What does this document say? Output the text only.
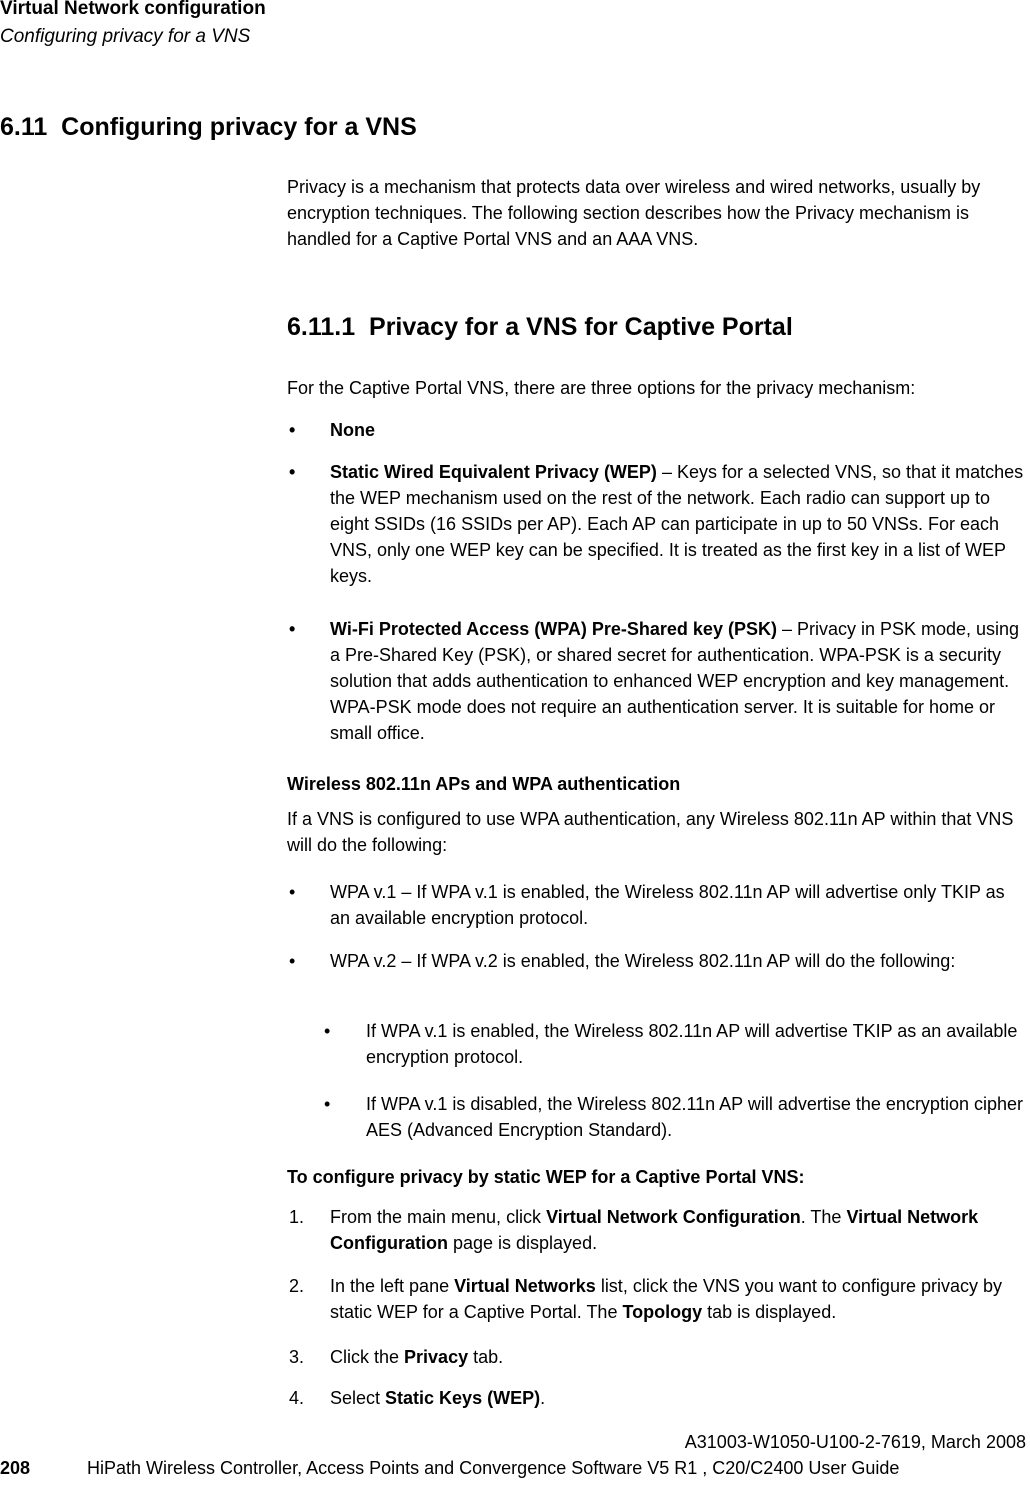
Virtual Network configuration
Configuring privacy for a VNS
6.11  Configuring privacy for a VNS
Privacy is a mechanism that protects data over wireless and wired networks, usually by encryption techniques. The following section describes how the Privacy mechanism is handled for a Captive Portal VNS and an AAA VNS.
6.11.1  Privacy for a VNS for Captive Portal
For the Captive Portal VNS, there are three options for the privacy mechanism:
• None
• Static Wired Equivalent Privacy (WEP) – Keys for a selected VNS, so that it matches the WEP mechanism used on the rest of the network. Each radio can support up to eight SSIDs (16 SSIDs per AP). Each AP can participate in up to 50 VNSs. For each VNS, only one WEP key can be specified. It is treated as the first key in a list of WEP keys.
• Wi-Fi Protected Access (WPA) Pre-Shared key (PSK) – Privacy in PSK mode, using a Pre-Shared Key (PSK), or shared secret for authentication. WPA-PSK is a security solution that adds authentication to enhanced WEP encryption and key management. WPA-PSK mode does not require an authentication server. It is suitable for home or small office.
Wireless 802.11n APs and WPA authentication
If a VNS is configured to use WPA authentication, any Wireless 802.11n AP within that VNS will do the following:
• WPA v.1 – If WPA v.1 is enabled, the Wireless 802.11n AP will advertise only TKIP as an available encryption protocol.
• WPA v.2 – If WPA v.2 is enabled, the Wireless 802.11n AP will do the following:
• If WPA v.1 is enabled, the Wireless 802.11n AP will advertise TKIP as an available encryption protocol.
• If WPA v.1 is disabled, the Wireless 802.11n AP will advertise the encryption cipher AES (Advanced Encryption Standard).
To configure privacy by static WEP for a Captive Portal VNS:
1. From the main menu, click Virtual Network Configuration. The Virtual Network Configuration page is displayed.
2. In the left pane Virtual Networks list, click the VNS you want to configure privacy by static WEP for a Captive Portal. The Topology tab is displayed.
3. Click the Privacy tab.
4. Select Static Keys (WEP).
A31003-W1050-U100-2-7619, March 2008
208	HiPath Wireless Controller, Access Points and Convergence Software V5 R1 , C20/C2400 User Guide
